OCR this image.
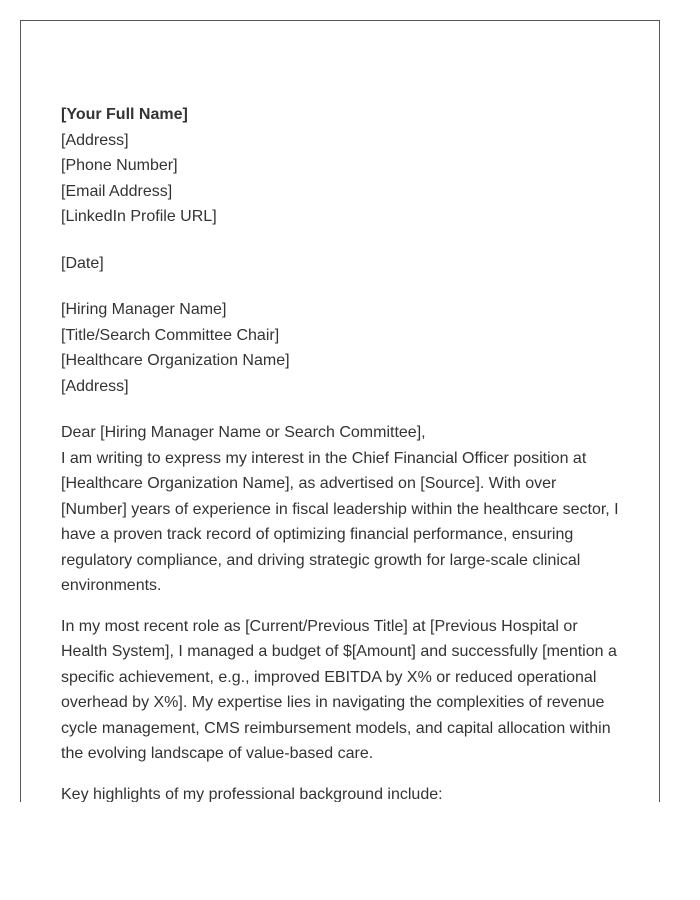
[Your Full Name]
[Address]
[Phone Number]
[Email Address]
[LinkedIn Profile URL]
[Date]
[Hiring Manager Name]
[Title/Search Committee Chair]
[Healthcare Organization Name]
[Address]
Dear [Hiring Manager Name or Search Committee],

I am writing to express my interest in the Chief Financial Officer position at [Healthcare Organization Name], as advertised on [Source]. With over [Number] years of experience in fiscal leadership within the healthcare sector, I have a proven track record of optimizing financial performance, ensuring regulatory compliance, and driving strategic growth for large-scale clinical environments.

In my most recent role as [Current/Previous Title] at [Previous Hospital or Health System], I managed a budget of $[Amount] and successfully [mention a specific achievement, e.g., improved EBITDA by X% or reduced operational overhead by X%]. My expertise lies in navigating the complexities of revenue cycle management, CMS reimbursement models, and capital allocation within the evolving landscape of value-based care.

Key highlights of my professional background include:
